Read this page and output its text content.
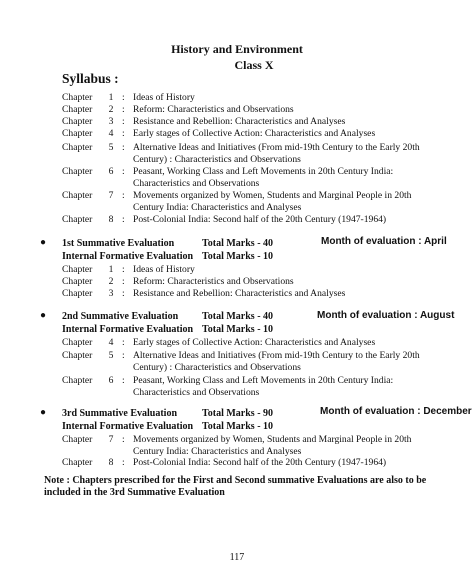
History and Environment
Class X
Syllabus :
Chapter 1 : Ideas of History
Chapter 2 : Reform: Characteristics and Observations
Chapter 3 : Resistance and Rebellion: Characteristics and Analyses
Chapter 4 : Early stages of Collective Action: Characteristics and Analyses
Chapter 5 : Alternative Ideas and Initiatives (From mid-19th Century to the Early 20th Century) : Characteristics and Observations
Chapter 6 : Peasant, Working Class and Left Movements in 20th Century India: Characteristics and Observations
Chapter 7 : Movements organized by Women, Students and Marginal People in 20th Century India: Characteristics and Analyses
Chapter 8 : Post-Colonial India: Second half of the 20th Century (1947-1964)
● 1st Summative Evaluation	Total Marks - 40	Month of evaluation : April
Internal Formative Evaluation Total Marks - 10
Chapter 1 : Ideas of History
Chapter 2 : Reform: Characteristics and Observations
Chapter 3 : Resistance and Rebellion: Characteristics and Analyses
● 2nd Summative Evaluation Total Marks - 40	Month of evaluation : August
Internal Formative Evaluation Total Marks - 10
Chapter 4 : Early stages of Collective Action: Characteristics and Analyses
Chapter 5 : Alternative Ideas and Initiatives (From mid-19th Century to the Early 20th Century) : Characteristics and Observations
Chapter 6 : Peasant, Working Class and Left Movements in 20th Century India: Characteristics and Observations
● 3rd Summative Evaluation Total Marks - 90	Month of evaluation : December
Internal Formative Evaluation Total Marks - 10
Chapter 7 : Movements organized by Women, Students and Marginal People in 20th Century India: Characteristics and Analyses
Chapter 8 : Post-Colonial India: Second half of the 20th Century (1947-1964)
Note : Chapters prescribed for the First and Second summative Evaluations are also to be included in the 3rd Summative Evaluation
117
